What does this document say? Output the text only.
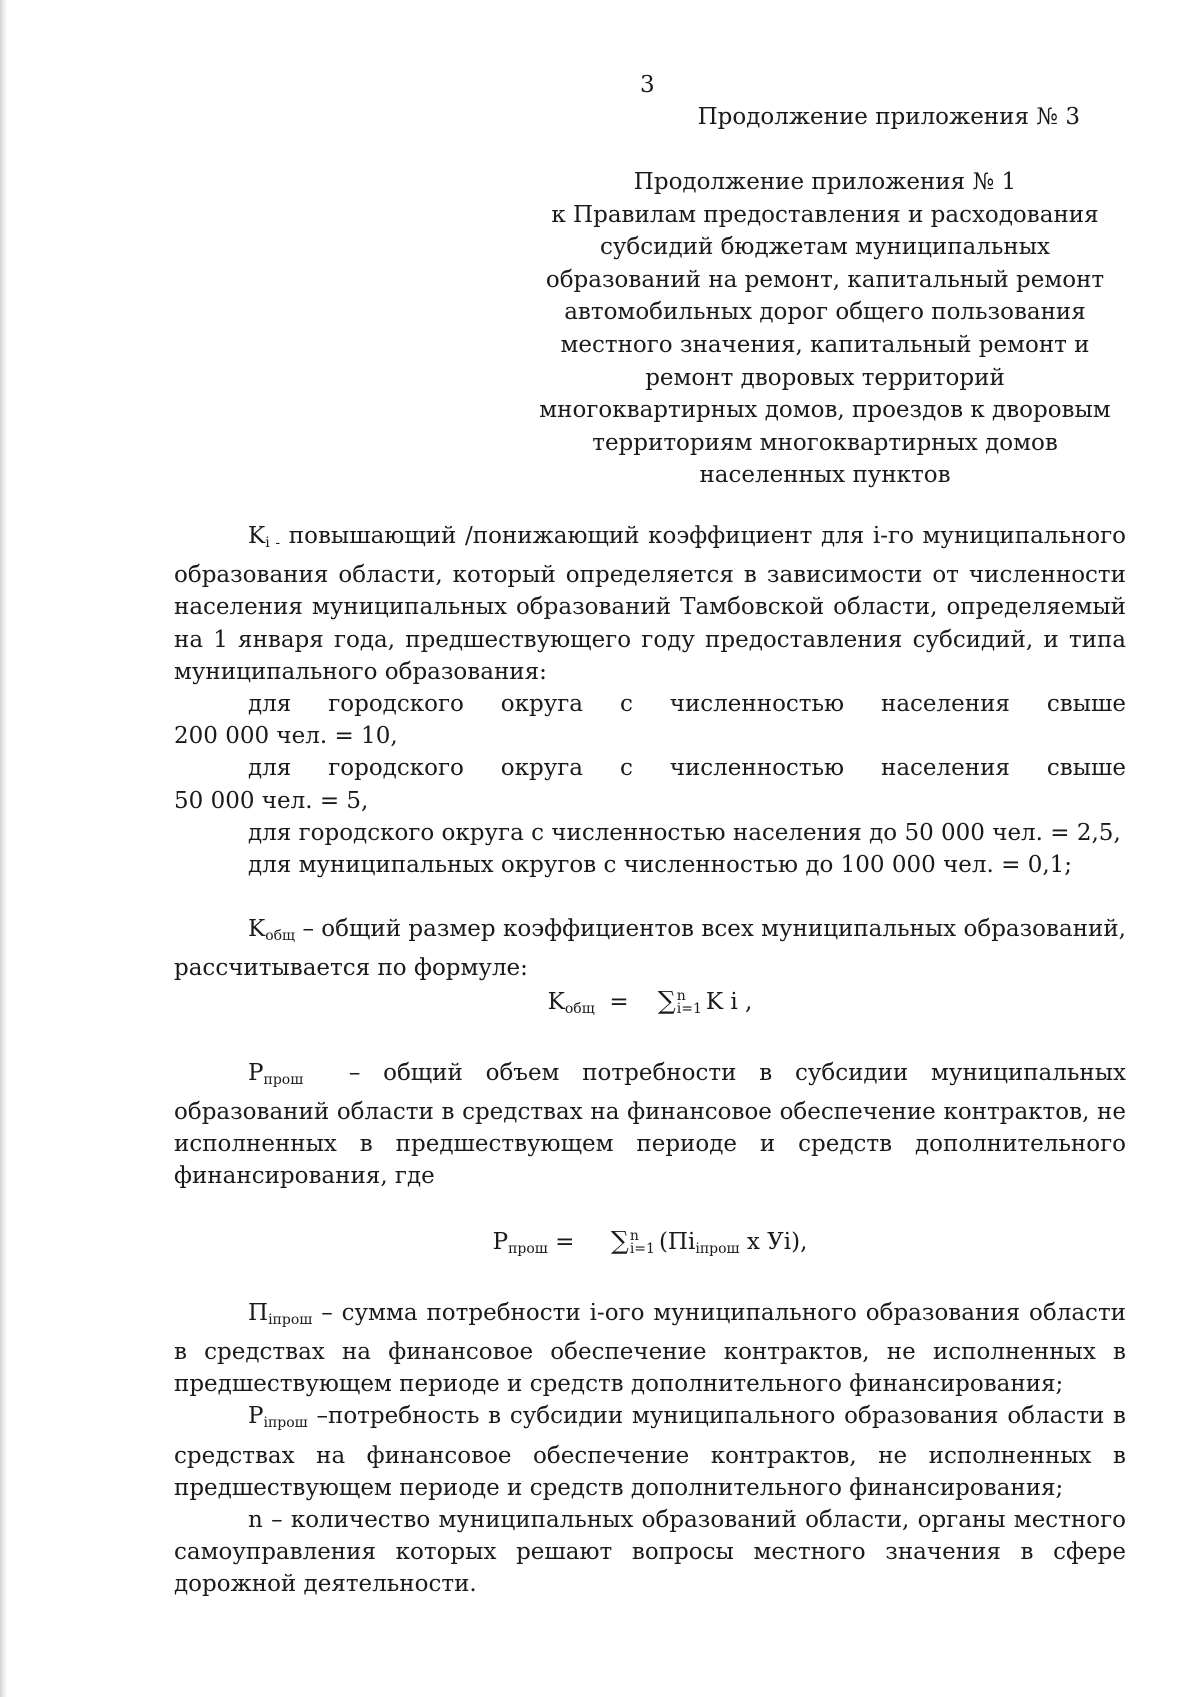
3
Продолжение приложения № 3
Продолжение приложения № 1
к Правилам предоставления и расходования
субсидий бюджетам муниципальных
образований на ремонт, капитальный ремонт
автомобильных дорог общего пользования
местного значения, капитальный ремонт и
ремонт дворовых территорий
многоквартирных домов, проездов к дворовым
территориям многоквартирных домов
населенных пунктов

$K_{i -}$ повышающий /понижающий коэффициент для i-го муниципального образования области, который определяется в зависимости от численности населения муниципальных образований Тамбовской области, определяемый на 1 января года, предшествующего году предоставления субсидий, и типа муниципального образования:

для городского округа с численностью населения свыше

200 000 чел. = 10,

для городского округа с численностью населения свыше

50 000 чел. = 5,

для городского округа с численностью населения до 50 000 чел. = 2,5,

для муниципальных округов с численностью до 100 000 чел. = 0,1;

$K_{общ}$ – общий размер коэффициентов всех муниципальных образований, рассчитывается по формуле:

$K_{общ}$ = ∑ n
i=1 K i ,

$P_{прош}$ – общий объем потребности в субсидии муниципальных образований области в средствах на финансовое обеспечение контрактов, не исполненных в предшествующем периоде и средств дополнительного финансирования, где

$P_{прош}$ = ∑ n
i=1 ($Пi_{iпрош}$ х Уi),

$П_{iпрош}$ – сумма потребности i-ого муниципального образования области в средствах на финансовое обеспечение контрактов, не исполненных в предшествующем периоде и средств дополнительного финансирования;

$P_{iпрош}$ –потребность в субсидии муниципального образования области в средствах на финансовое обеспечение контрактов, не исполненных в предшествующем периоде и средств дополнительного финансирования;

n – количество муниципальных образований области, органы местного самоуправления которых решают вопросы местного значения в сфере дорожной деятельности.
